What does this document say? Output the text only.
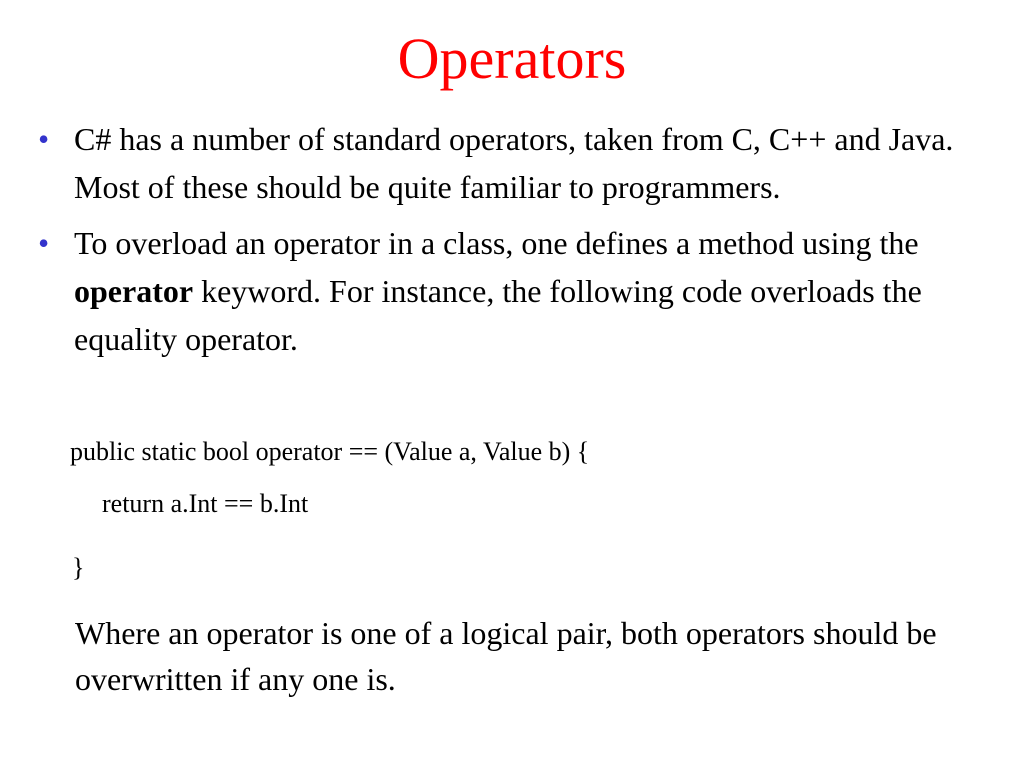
Operators
• C# has a number of standard operators, taken from C, C++ and Java. Most of these should be quite familiar to programmers.
• To overload an operator in a class, one defines a method using the operator keyword. For instance, the following code overloads the equality operator.
public static bool operator == (Value a, Value b) {
return a.Int == b.Int
}
Where an operator is one of a logical pair, both operators should be overwritten if any one is.
